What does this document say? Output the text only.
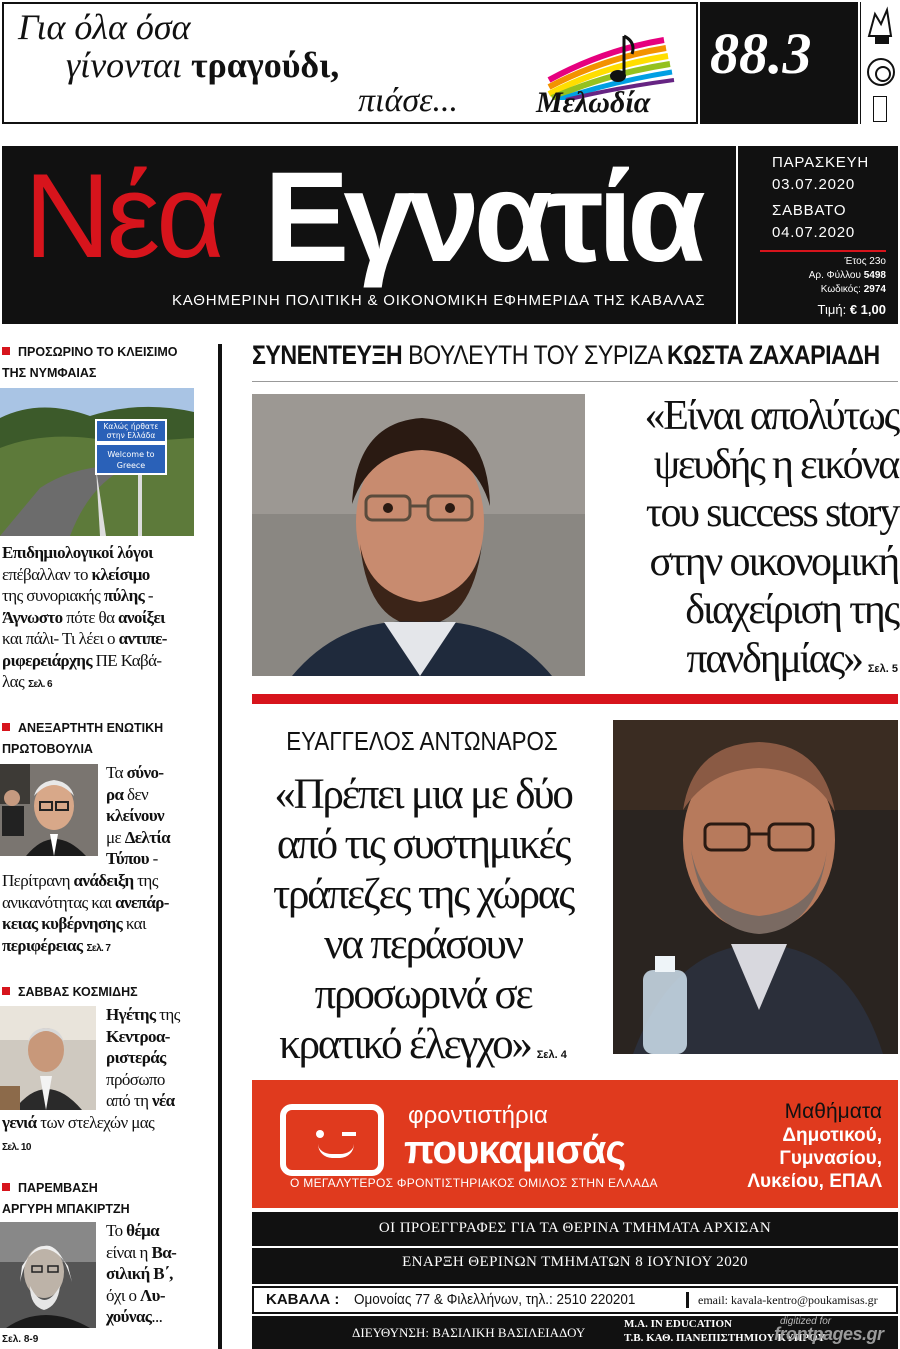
Για όλα όσα
γίνονται τραγούδι,
πιάσε...	Μελωδία
88.3
Νέα Εγνατία
ΚΑΘΗΜΕΡΙΝΗ ΠΟΛΙΤΙΚΗ & ΟΙΚΟΝΟΜΙΚΗ ΕΦΗΜΕΡΙΔΑ ΤΗΣ ΚΑΒΑΛΑΣ
ΠΑΡΑΣΚΕΥΗ
03.07.2020
ΣΑΒΒΑΤΟ
04.07.2020
Έτος 23ο
Αρ. Φύλλου 5498
Κωδικός: 2974
Τιμή: € 1,00
ΠΡΟΣΩΡΙΝΟ ΤΟ ΚΛΕΙΣΙΜΟ
ΤΗΣ ΝΥΜΦΑΙΑΣ
Καλώς ήρθατε
στην Ελλάδα
Welcome to
Greece
Επιδημιολογικοί λόγοι
επέβαλλαν το κλείσιμο
της συνοριακής πύλης -
Άγνωστο πότε θα ανοίξει
και πάλι- Τι λέει ο αντιπε-
ριφερειάρχης ΠΕ Καβά-
λας Σελ. 6
ΑΝΕΞΑΡΤΗΤΗ ΕΝΩΤΙΚΗ
ΠΡΩΤΟΒΟΥΛΙΑ
Τα σύνο-
ρα δεν
κλείνουν
με Δελτία
Τύπου -
Περίτρανη ανάδειξη της
ανικανότητας και ανεπάρ-
κειας κυβέρνησης και
περιφέρειας Σελ. 7
ΣΑΒΒΑΣ ΚΟΣΜΙΔΗΣ
Ηγέτης της
Κεντροα-
ριστεράς
πρόσωπο
από τη νέα
γενιά των στελεχών μας
Σελ. 10
ΠΑΡΕΜΒΑΣΗ
ΑΡΓΥΡΗ ΜΠΑΚΙΡΤΖΗ
Το θέμα
είναι η Βα-
σιλική Β΄,
όχι ο Λυ-
χούνας...
Σελ. 8-9
ΣΥΝΕΝΤΕΥΞΗ ΒΟΥΛΕΥΤΗ ΤΟΥ ΣΥΡΙΖΑ ΚΩΣΤΑ ΖΑΧΑΡΙΑΔΗ
«Είναι απολύτως
ψευδής η εικόνα
του success story
στην οικονομική
διαχείριση της
πανδημίας» Σελ. 5
ΕΥΑΓΓΕΛΟΣ ΑΝΤΩΝΑΡΟΣ
«Πρέπει μια με δύο
από τις συστημικές
τράπεζες της χώρας
να περάσουν
προσωρινά σε
κρατικό έλεγχο» Σελ. 4
φροντιστήρια
πουκαμισάς
Ο ΜΕΓΑΛΥΤΕΡΟΣ ΦΡΟΝΤΙΣΤΗΡΙΑΚΟΣ ΟΜΙΛΟΣ ΣΤΗΝ ΕΛΛΑΔΑ
Μαθήματα
Δημοτικού,
Γυμνασίου,
Λυκείου, ΕΠΑΛ
ΟΙ ΠΡΟΕΓΓΡΑΦΕΣ ΓΙΑ ΤΑ ΘΕΡΙΝΑ ΤΜΗΜΑΤΑ ΑΡΧΙΣΑΝ
ΕΝΑΡΞΗ ΘΕΡΙΝΩΝ ΤΜΗΜΑΤΩΝ 8 ΙΟΥΝΙΟΥ 2020
ΚΑΒΑΛΑ : Ομονοίας 77 & Φιλελλήνων, τηλ.: 2510 220201	email: kavala-kentro@poukamisas.gr
ΔΙΕΥΘΥΝΣΗ: ΒΑΣΙΛΙΚΗ ΒΑΣΙΛΕΙΑΔΟΥ
M.A. IN EDUCATION
Τ.Β. ΚΑΘ. ΠΑΝΕΠΙΣΤΗΜΙΟΥ ΚΥΠΡΟΥ
digitized for
frontpages.gr
